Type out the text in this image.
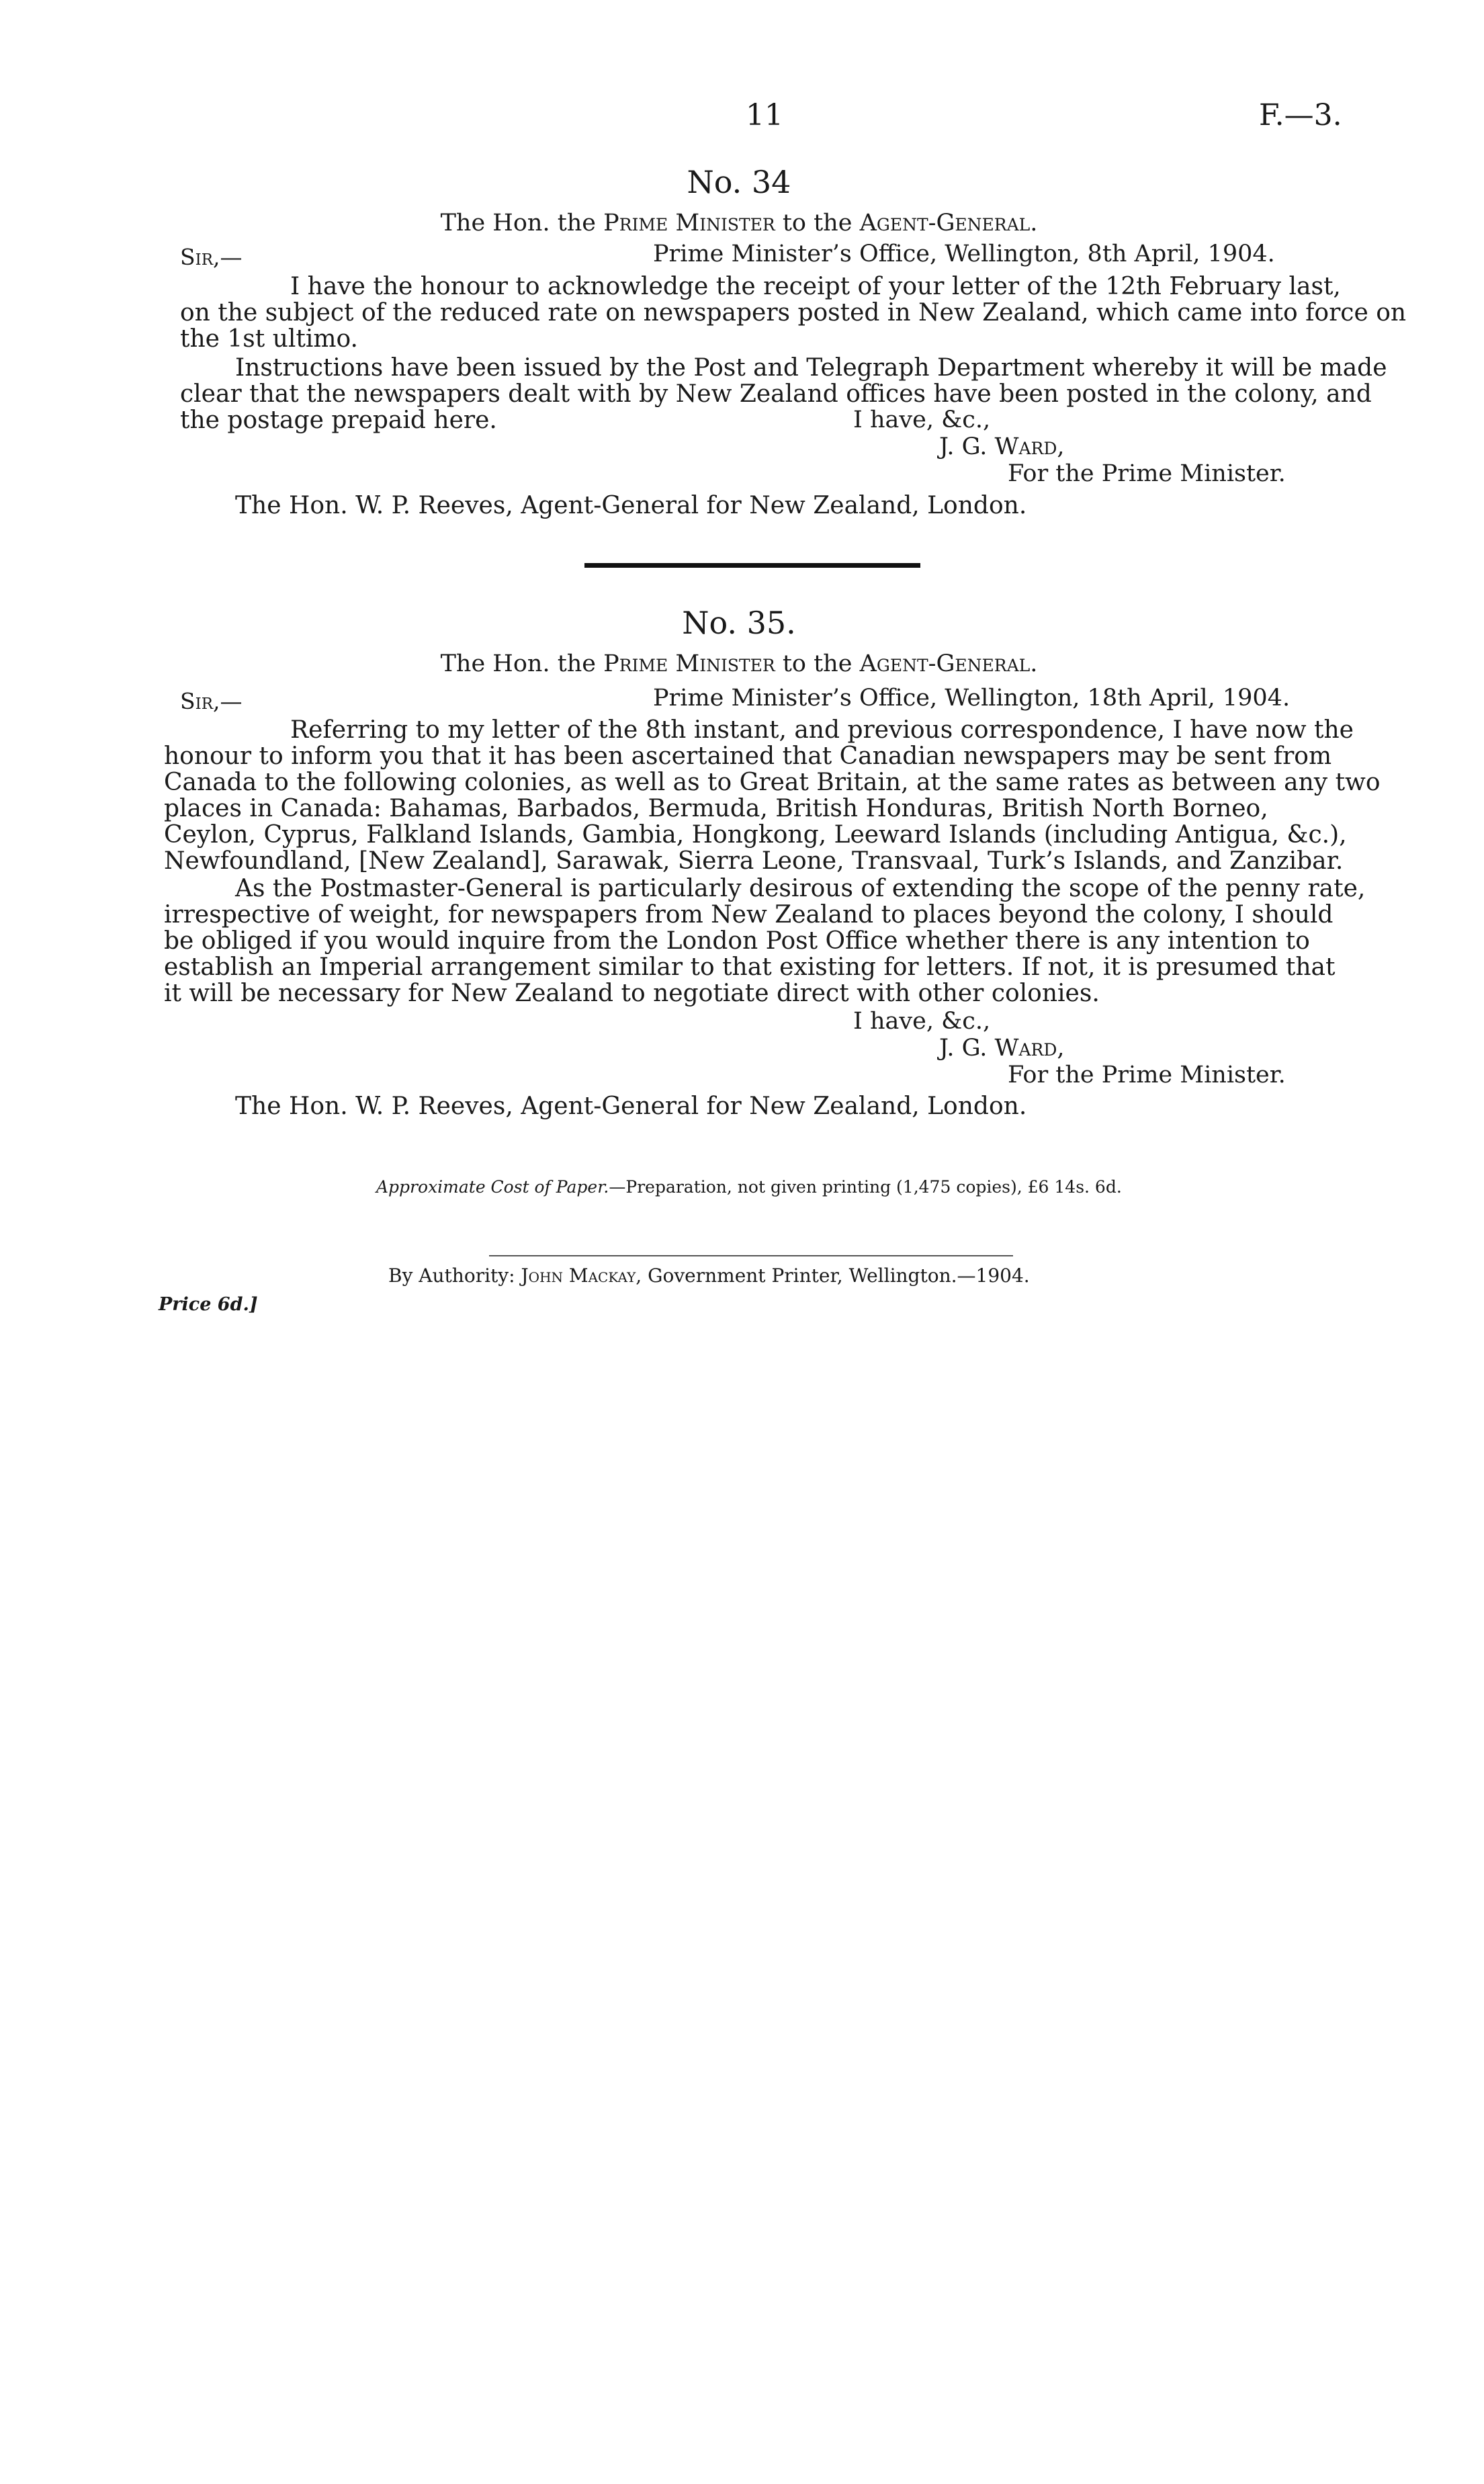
11	F.—3.
No. 34
The Hon. the Prime Minister to the Agent-General.
Sir,—	Prime Minister’s Office, Wellington, 8th April, 1904.
I have the honour to acknowledge the receipt of your letter of the 12th February last,
on the subject of the reduced rate on newspapers posted in New Zealand, which came into force on
the 1st ultimo.
Instructions have been issued by the Post and Telegraph Department whereby it will be made
clear that the newspapers dealt with by New Zealand offices have been posted in the colony, and
the postage prepaid here.	I have, &c.,
J. G. Ward,
For the Prime Minister.
The Hon. W. P. Reeves, Agent-General for New Zealand, London.
No. 35.
The Hon. the Prime Minister to the Agent-General.
Sir,—	Prime Minister’s Office, Wellington, 18th April, 1904.
Referring to my letter of the 8th instant, and previous correspondence, I have now the
honour to inform you that it has been ascertained that Canadian newspapers may be sent from
Canada to the following colonies, as well as to Great Britain, at the same rates as between any two
places in Canada: Bahamas, Barbados, Bermuda, British Honduras, British North Borneo,
Ceylon, Cyprus, Falkland Islands, Gambia, Hongkong, Leeward Islands (including Antigua, &c.),
Newfoundland, [New Zealand], Sarawak, Sierra Leone, Transvaal, Turk’s Islands, and Zanzibar.
As the Postmaster-General is particularly desirous of extending the scope of the penny rate,
irrespective of weight, for newspapers from New Zealand to places beyond the colony, I should
be obliged if you would inquire from the London Post Office whether there is any intention to
establish an Imperial arrangement similar to that existing for letters. If not, it is presumed that
it will be necessary for New Zealand to negotiate direct with other colonies.
I have, &c.,
J. G. Ward,
For the Prime Minister.
The Hon. W. P. Reeves, Agent-General for New Zealand, London.
Approximate Cost of Paper.—Preparation, not given printing (1,475 copies), £6 14s. 6d.
By Authority: John Mackay, Government Printer, Wellington.—1904.
Price 6d.]
